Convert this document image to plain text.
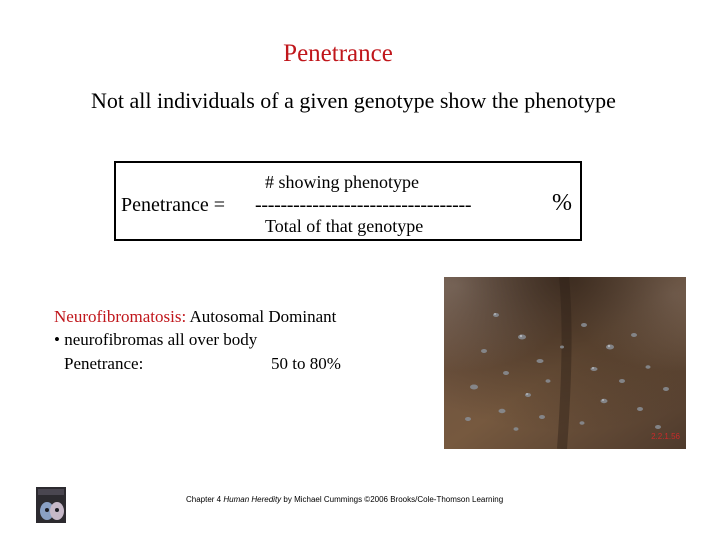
Penetrance
Not all individuals of a given genotype show the phenotype
# showing phenotype
Penetrance = ----------------------------------
Total of that genotype
%
Neurofibromatosis: Autosomal Dominant
• neurofibromas all over body
Penetrance:	50 to 80%
2.2.1.56
Chapter 4 Human Heredity by Michael Cummings ©2006 Brooks/Cole-Thomson Learning
